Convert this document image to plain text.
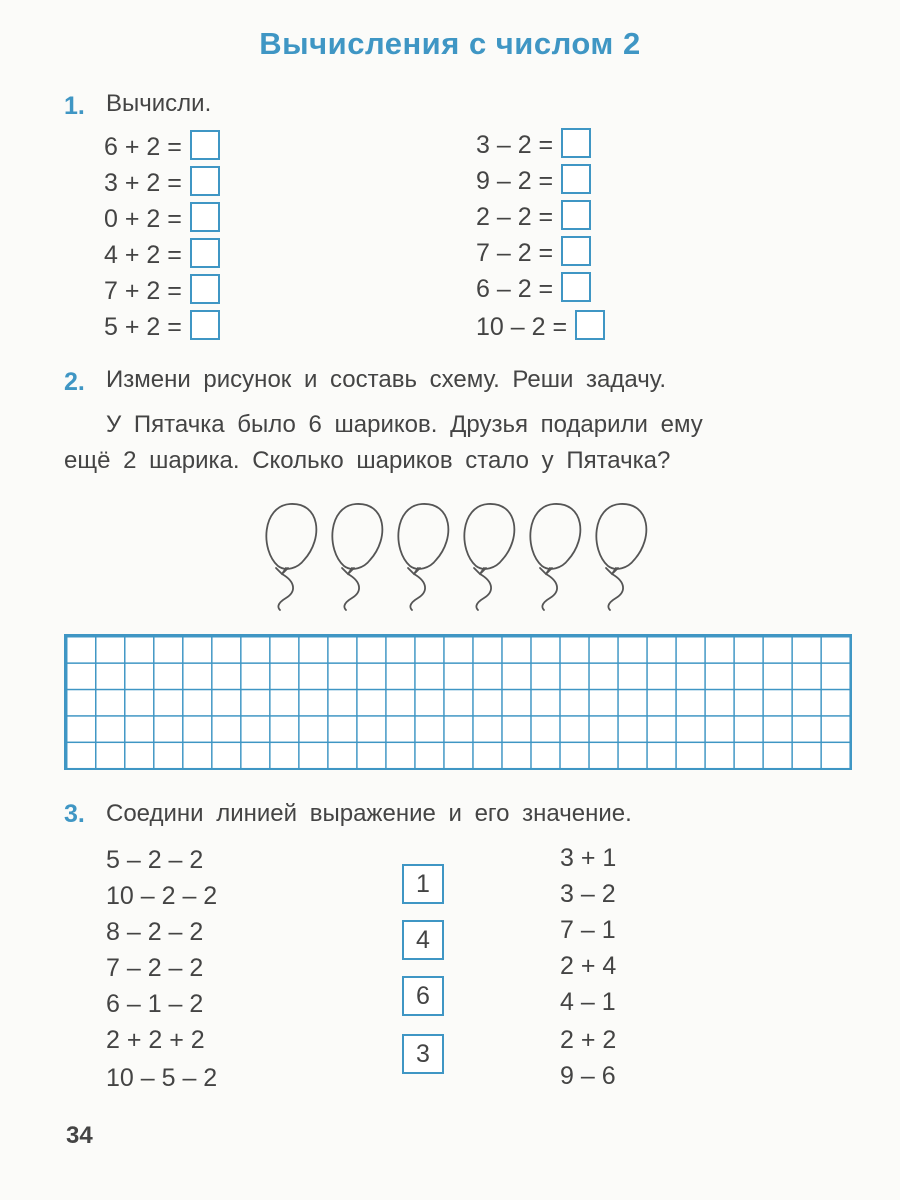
Вычисления с числом 2
1. Вычисли.
6 + 2 =
3 + 2 =
0 + 2 =
4 + 2 =
7 + 2 =
5 + 2 =
3 – 2 =
9 – 2 =
2 – 2 =
7 – 2 =
6 – 2 =
10 – 2 =
2. Измени рисунок и составь схему. Реши задачу.
У Пятачка было 6 шариков. Друзья подарили ему
ещё 2 шарика. Сколько шариков стало у Пятачка?
3. Соедини линией выражение и его значение.
5 – 2 – 2
10 – 2 – 2
8 – 2 – 2
7 – 2 – 2
6 – 1 – 2
2 + 2 + 2
10 – 5 – 2
1
4
6
3
3 + 1
3 – 2
7 – 1
2 + 4
4 – 1
2 + 2
9 – 6
34
